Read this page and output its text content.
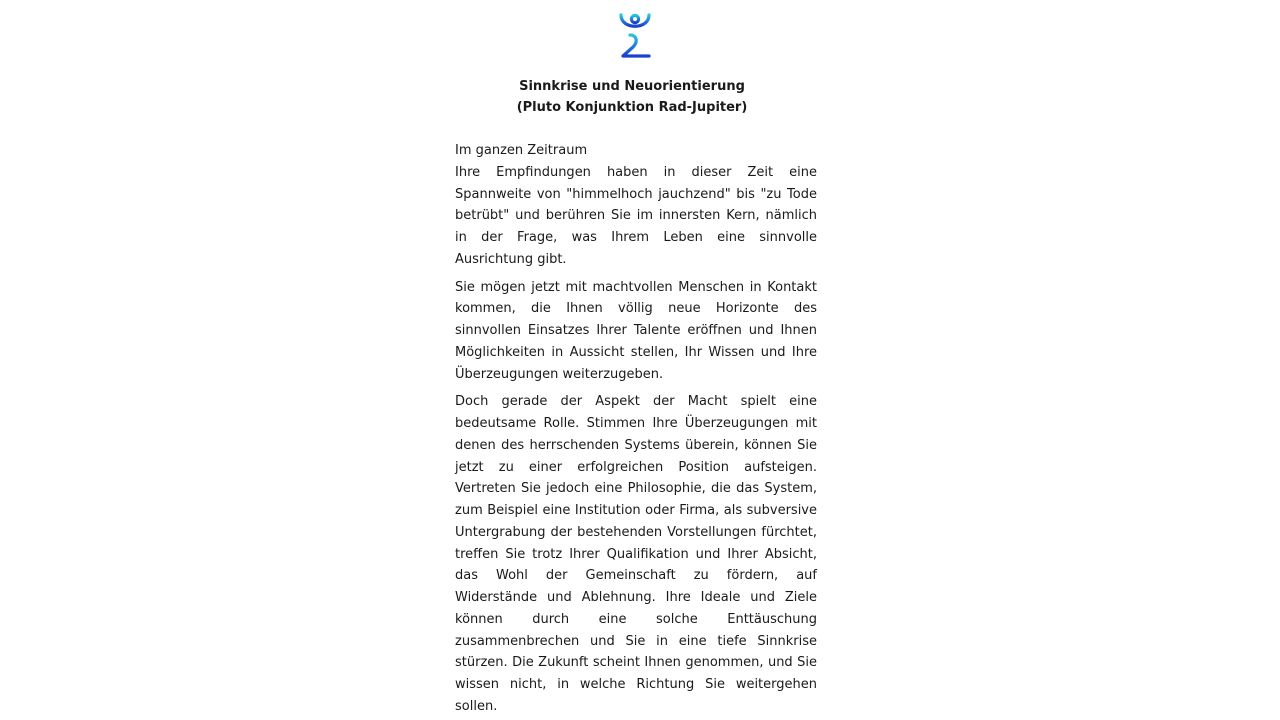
Sinnkrise und Neuorientierung
(Pluto Konjunktion Rad-Jupiter)

Im ganzen Zeitraum

Ihre Empfindungen haben in dieser Zeit eine Spannweite von "himmelhoch jauchzend" bis "zu Tode betrübt" und berühren Sie im innersten Kern, nämlich in der Frage, was Ihrem Leben eine sinnvolle Ausrichtung gibt.

Sie mögen jetzt mit machtvollen Menschen in Kontakt kommen, die Ihnen völlig neue Horizonte des sinnvollen Einsatzes Ihrer Talente eröffnen und Ihnen Möglichkeiten in Aussicht stellen, Ihr Wissen und Ihre Überzeugungen weiterzugeben.

Doch gerade der Aspekt der Macht spielt eine bedeutsame Rolle. Stimmen Ihre Überzeugungen mit denen des herrschenden Systems überein, können Sie jetzt zu einer erfolgreichen Position aufsteigen. Vertreten Sie jedoch eine Philosophie, die das System, zum Beispiel eine Institution oder Firma, als subversive Untergrabung der bestehenden Vorstellungen fürchtet, treffen Sie trotz Ihrer Qualifikation und Ihrer Absicht, das Wohl der Gemeinschaft zu fördern, auf Widerstände und Ablehnung. Ihre Ideale und Ziele können durch eine solche Enttäuschung zusammenbrechen und Sie in eine tiefe Sinnkrise stürzen. Die Zukunft scheint Ihnen genommen, und Sie wissen nicht, in welche Richtung Sie weitergehen sollen.
